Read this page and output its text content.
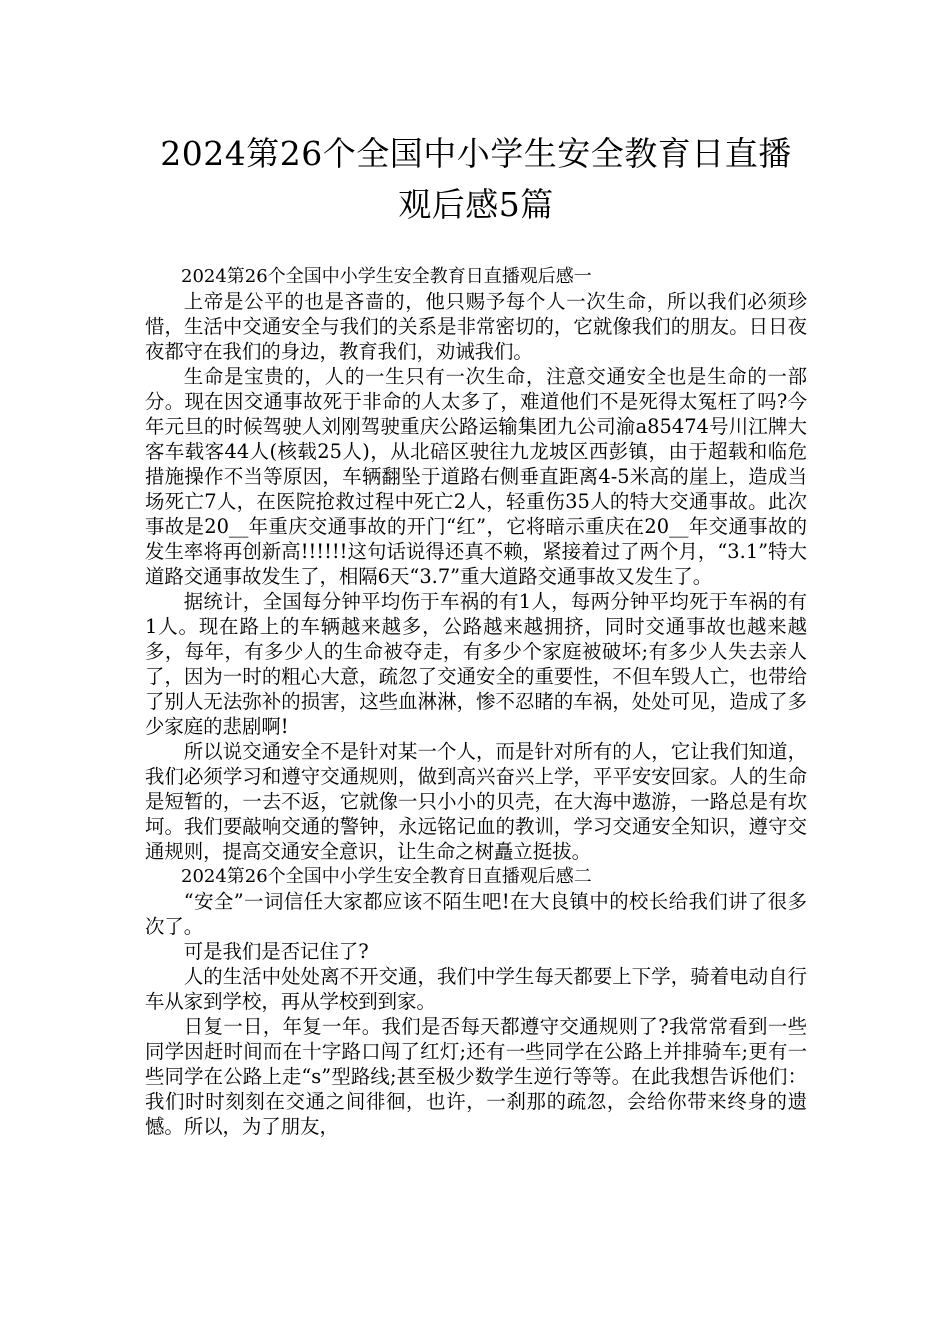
2024第26个全国中小学生安全教育日直播
观后感5篇

2024第26个全国中小学生安全教育日直播观后感一

上帝是公平的也是吝啬的，他只赐予每个人一次生命，所以我们必须珍惜，生活中交通安全与我们的关系是非常密切的，它就像我们的朋友。日日夜夜都守在我们的身边，教育我们，劝诫我们。

生命是宝贵的，人的一生只有一次生命，注意交通安全也是生命的一部分。现在因交通事故死于非命的人太多了，难道他们不是死得太冤枉了吗?今年元旦的时候驾驶人刘刚驾驶重庆公路运输集团九公司渝a85474号川江牌大客车载客44人(核载25人)，从北碚区驶往九龙坡区西彭镇，由于超载和临危措施操作不当等原因，车辆翻坠于道路右侧垂直距离4-5米高的崖上，造成当场死亡7人，在医院抢救过程中死亡2人，轻重伤35人的特大交通事故。此次事故是20__年重庆交通事故的开门“红”，它将暗示重庆在20__年交通事故的发生率将再创新高!!!!!!这句话说得还真不赖，紧接着过了两个月，“3.1”特大道路交通事故发生了，相隔6天“3.7”重大道路交通事故又发生了。

据统计，全国每分钟平均伤于车祸的有1人，每两分钟平均死于车祸的有1人。现在路上的车辆越来越多，公路越来越拥挤，同时交通事故也越来越多，每年，有多少人的生命被夺走，有多少个家庭被破坏;有多少人失去亲人了，因为一时的粗心大意，疏忽了交通安全的重要性，不但车毁人亡，也带给了别人无法弥补的损害，这些血淋淋，惨不忍睹的车祸，处处可见，造成了多少家庭的悲剧啊!

所以说交通安全不是针对某一个人，而是针对所有的人，它让我们知道，我们必须学习和遵守交通规则，做到高兴奋兴上学，平平安安回家。人的生命是短暂的，一去不返，它就像一只小小的贝壳，在大海中遨游，一路总是有坎坷。我们要敲响交通的警钟，永远铭记血的教训，学习交通安全知识，遵守交通规则，提高交通安全意识，让生命之树矗立挺拔。

2024第26个全国中小学生安全教育日直播观后感二

“安全”一词信任大家都应该不陌生吧!在大良镇中的校长给我们讲了很多次了。

可是我们是否记住了?

人的生活中处处离不开交通，我们中学生每天都要上下学，骑着电动自行车从家到学校，再从学校到到家。

日复一日，年复一年。我们是否每天都遵守交通规则了?我常常看到一些同学因赶时间而在十字路口闯了红灯;还有一些同学在公路上并排骑车;更有一些同学在公路上走“s”型路线;甚至极少数学生逆行等等。在此我想告诉他们：我们时时刻刻在交通之间徘徊，也许，一刹那的疏忽，会给你带来终身的遗憾。所以，为了朋友，
